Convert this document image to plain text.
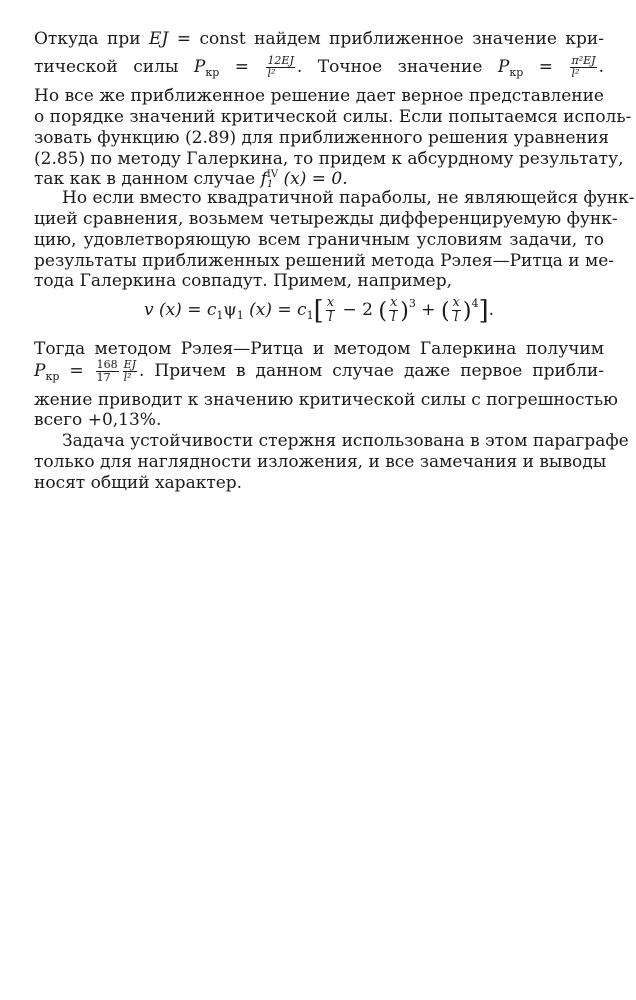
Откуда при EJ = const найдем приближенное значение кри-
тической силы $P_{кр} = \frac{12EJ}{\text{l²}}$ . Точное значение $P_{кр} = \frac{\text{π²EJ}}{\text{l²}}$ .
Но все же приближенное решение дает верное представление
о порядке значений критической силы. Если попытаемся исполь-
зовать функцию (2.89) для приближенного решения уравнения
(2.85) по методу Галеркина, то придем к абсурдному результату,
так как в данном случае f IV
1 (x) = 0.
Но если вместо квадратичной параболы, не являющейся функ-
цией сравнения, возьмем четырежды дифференцируемую функ-
цию, удовлетворяющую всем граничным условиям задачи, то
результаты приближенных решений метода Рэлея—Ритца и ме-
тода Галеркина совпадут. Примем, например,
v $(x) = c_1\psi_1$ $(x) = c_1[ \frac{x}{l} - 2$ ( $\frac{x}{l} )^3$ + ( $\frac{x}{l} )^4$].
Тогда методом Рэлея—Ритца и методом Галеркина получим
$P_{кр} = \frac{168}{17} \frac{EJ}{\text{l²}}$ . Причем в данном случае даже первое прибли-
жение приводит к значению критической силы с погрешностью
всего +0,13%.
Задача устойчивости стержня использована в этом параграфе
только для наглядности изложения, и все замечания и выводы
носят общий характер.
